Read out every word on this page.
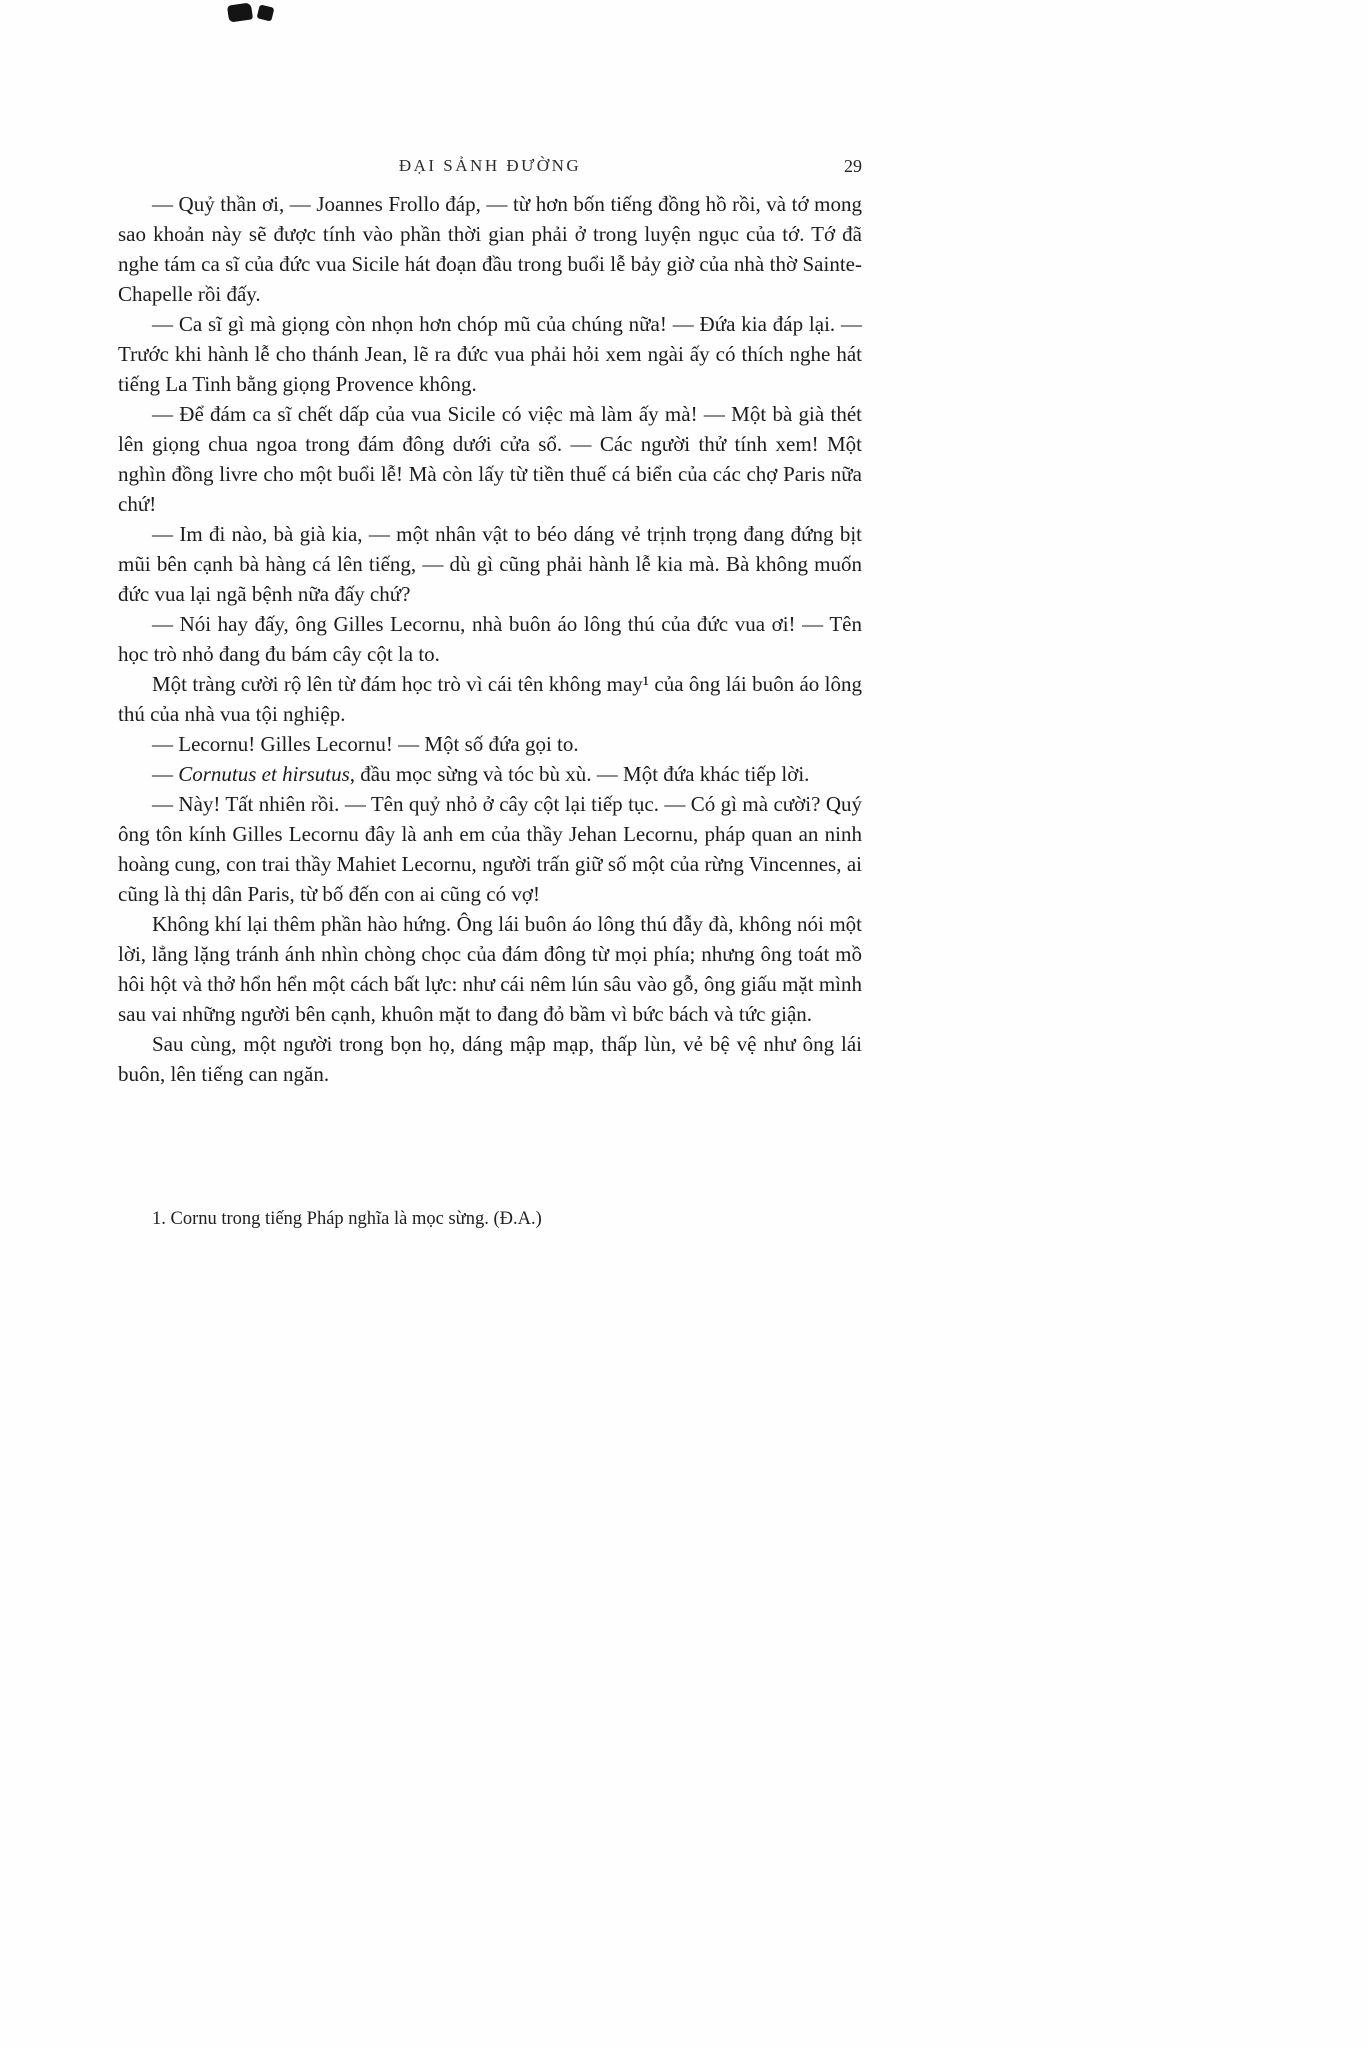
ĐẠI SẢNH ĐƯỜNG	29

— Quỷ thần ơi, — Joannes Frollo đáp, — từ hơn bốn tiếng đồng hồ rồi, và tớ mong sao khoản này sẽ được tính vào phần thời gian phải ở trong luyện ngục của tớ. Tớ đã nghe tám ca sĩ của đức vua Sicile hát đoạn đầu trong buổi lễ bảy giờ của nhà thờ Sainte-Chapelle rồi đấy.

— Ca sĩ gì mà giọng còn nhọn hơn chóp mũ của chúng nữa! — Đứa kia đáp lại. — Trước khi hành lễ cho thánh Jean, lẽ ra đức vua phải hỏi xem ngài ấy có thích nghe hát tiếng La Tinh bằng giọng Provence không.

— Để đám ca sĩ chết dấp của vua Sicile có việc mà làm ấy mà! — Một bà già thét lên giọng chua ngoa trong đám đông dưới cửa sổ. — Các người thử tính xem! Một nghìn đồng livre cho một buổi lễ! Mà còn lấy từ tiền thuế cá biển của các chợ Paris nữa chứ!

— Im đi nào, bà già kia, — một nhân vật to béo dáng vẻ trịnh trọng đang đứng bịt mũi bên cạnh bà hàng cá lên tiếng, — dù gì cũng phải hành lễ kia mà. Bà không muốn đức vua lại ngã bệnh nữa đấy chứ?

— Nói hay đấy, ông Gilles Lecornu, nhà buôn áo lông thú của đức vua ơi! — Tên học trò nhỏ đang đu bám cây cột la to.

Một tràng cười rộ lên từ đám học trò vì cái tên không may¹ của ông lái buôn áo lông thú của nhà vua tội nghiệp.

— Lecornu! Gilles Lecornu! — Một số đứa gọi to.

— Cornutus et hirsutus, đầu mọc sừng và tóc bù xù. — Một đứa khác tiếp lời.

— Này! Tất nhiên rồi. — Tên quỷ nhỏ ở cây cột lại tiếp tục. — Có gì mà cười? Quý ông tôn kính Gilles Lecornu đây là anh em của thầy Jehan Lecornu, pháp quan an ninh hoàng cung, con trai thầy Mahiet Lecornu, người trấn giữ số một của rừng Vincennes, ai cũng là thị dân Paris, từ bố đến con ai cũng có vợ!

Không khí lại thêm phần hào hứng. Ông lái buôn áo lông thú đẫy đà, không nói một lời, lẳng lặng tránh ánh nhìn chòng chọc của đám đông từ mọi phía; nhưng ông toát mồ hôi hột và thở hổn hển một cách bất lực: như cái nêm lún sâu vào gỗ, ông giấu mặt mình sau vai những người bên cạnh, khuôn mặt to đang đỏ bầm vì bức bách và tức giận.

Sau cùng, một người trong bọn họ, dáng mập mạp, thấp lùn, vẻ bệ vệ như ông lái buôn, lên tiếng can ngăn.

1. Cornu trong tiếng Pháp nghĩa là mọc sừng. (Đ.A.)
